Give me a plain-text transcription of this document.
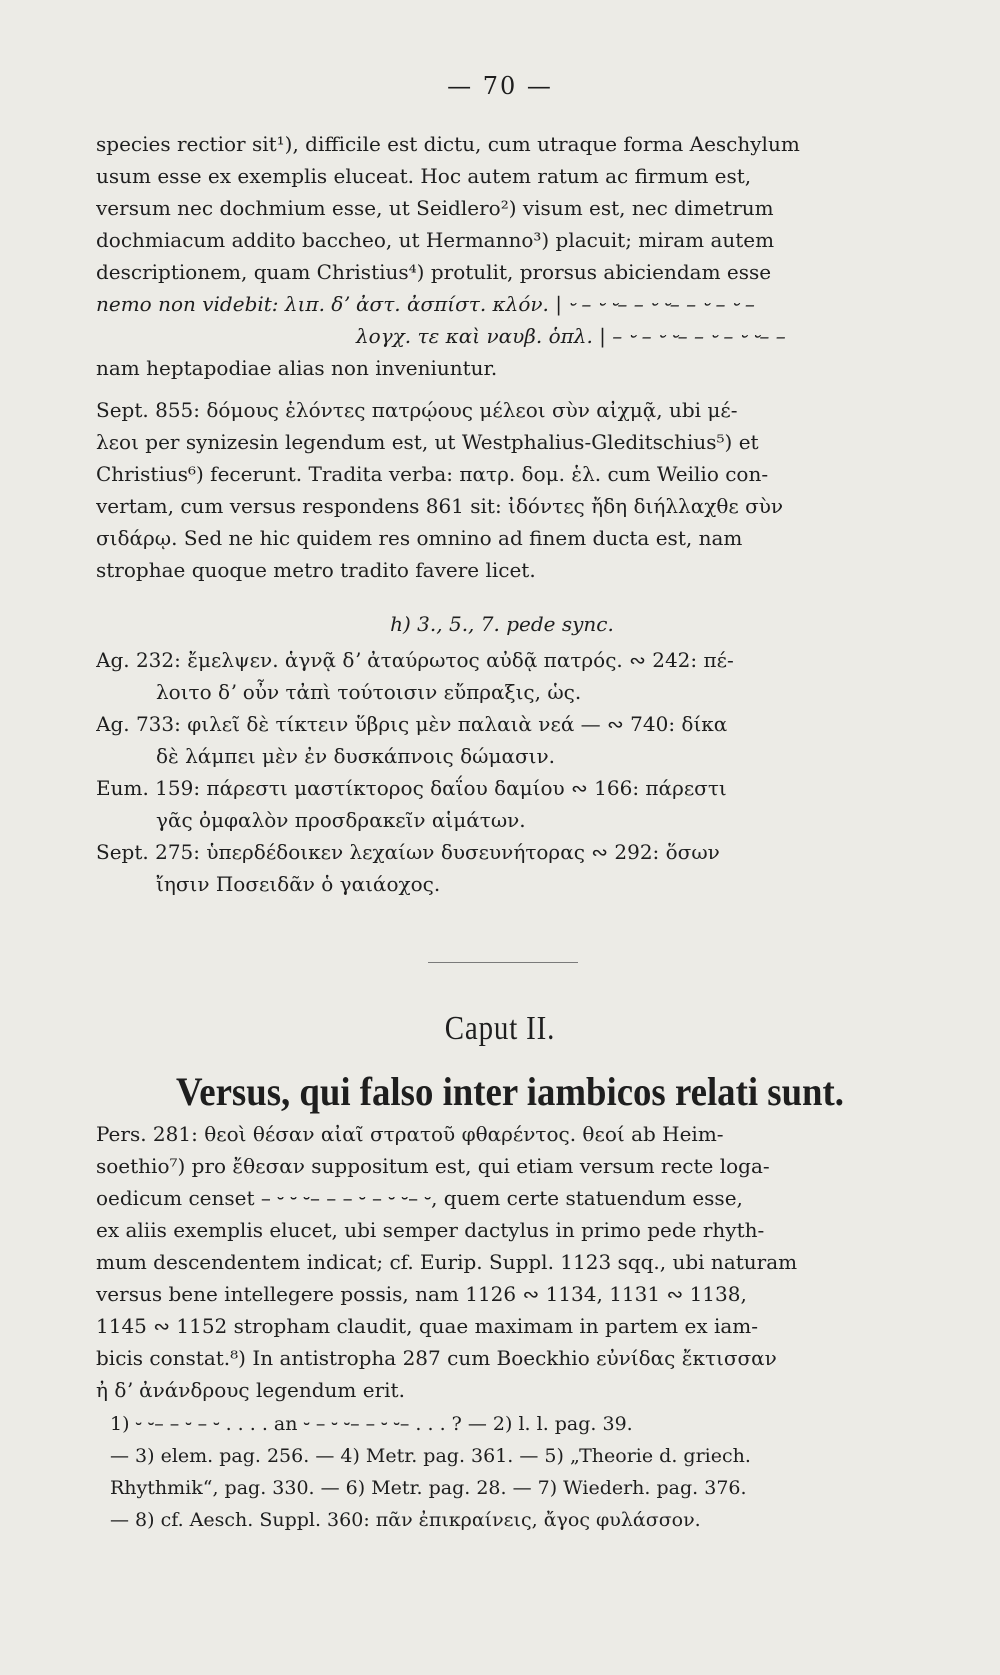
— 70 —
species rectior sit¹), difficile est dictu, cum utraque forma Aeschylum
usum esse ex exemplis eluceat. Hoc autem ratum ac firmum est,
versum nec dochmium esse, ut Seidlero²) visum est, nec dimetrum
dochmiacum addito baccheo, ut Hermanno³) placuit; miram autem
descriptionem, quam Christius⁴) protulit, prorsus abiciendam esse
nemo non videbit: λιπ. δʼ ἀστ. ἀσπίστ. κλόν. | ⏑ – ⏑ ⏑– – ⏑ ⏑– – ⏑ – ⏑ –
λογχ. τε καὶ ναυβ. ὁπλ. | – ⏑ – ⏑ ⏑– – ⏑ – ⏑ ⏑– –
nam heptapodiae alias non inveniuntur.
Sept. 855: δόμους ἑλόντες πατρῴους μέλεοι σὺν αἰχμᾷ, ubi μέ-
λεοι per synizesin legendum est, ut Westphalius-Gleditschius⁵) et
Christius⁶) fecerunt. Tradita verba: πατρ. δομ. ἑλ. cum Weilio con-
vertam, cum versus respondens 861 sit: ἰδόντες ἤδη διήλλαχθε σὺν
σιδάρῳ. Sed ne hic quidem res omnino ad finem ducta est, nam
strophae quoque metro tradito favere licet.
h) 3., 5., 7. pede sync.
Ag. 232: ἔμελψεν. ἁγνᾷ δʼ ἀταύρωτος αὐδᾷ πατρός. ∾ 242: πέ-
λοιτο δʼ οὖν τἀπὶ τούτοισιν εὔπραξις, ὡς.
Ag. 733: φιλεῖ δὲ τίκτειν ὕβρις μὲν παλαιὰ νεά — ∾ 740: δίκα
δὲ λάμπει μὲν ἐν δυσκάπνοις δώμασιν.
Eum. 159: πάρεστι μαστίκτορος δαΐου δαμίου ∾ 166: πάρεστι
γᾶς ὀμφαλὸν προσδρακεῖν αἱμάτων.
Sept. 275: ὑπερδέδοικεν λεχαίων δυσευνήτορας ∾ 292: ὅσων
ἴησιν Ποσειδᾶν ὁ γαιάοχος.
Caput II.
Versus, qui falso inter iambicos relati sunt.
Pers. 281: θεοὶ θέσαν αἰαῖ στρατοῦ φθαρέντος. θεοί ab Heim-
soethio⁷) pro ἔθεσαν suppositum est, qui etiam versum recte loga-
oedicum censet – ⏑ ⏑ ⏑– – – ⏑ – ⏑ ⏑– ⏑, quem certe statuendum esse,
ex aliis exemplis elucet, ubi semper dactylus in primo pede rhyth-
mum descendentem indicat; cf. Eurip. Suppl. 1123 sqq., ubi naturam
versus bene intellegere possis, nam 1126 ∾ 1134, 1131 ∾ 1138,
1145 ∾ 1152 stropham claudit, quae maximam in partem ex iam-
bicis constat.⁸) In antistropha 287 cum Boeckhio εὐνίδας ἔκτισσαν
ἠ δʼ ἀνάνδρους legendum erit.
1) ⏑ ⏑– – ⏑ – ⏑ . . . . an ⏑ – ⏑ ⏑– – ⏑ ⏑– . . . ? — 2) l. l. pag. 39.
— 3) elem. pag. 256. — 4) Metr. pag. 361. — 5) „Theorie d. griech.
Rhythmik“, pag. 330. — 6) Metr. pag. 28. — 7) Wiederh. pag. 376.
— 8) cf. Aesch. Suppl. 360: πᾶν ἐπικραίνεις, ἄγος φυλάσσον.
